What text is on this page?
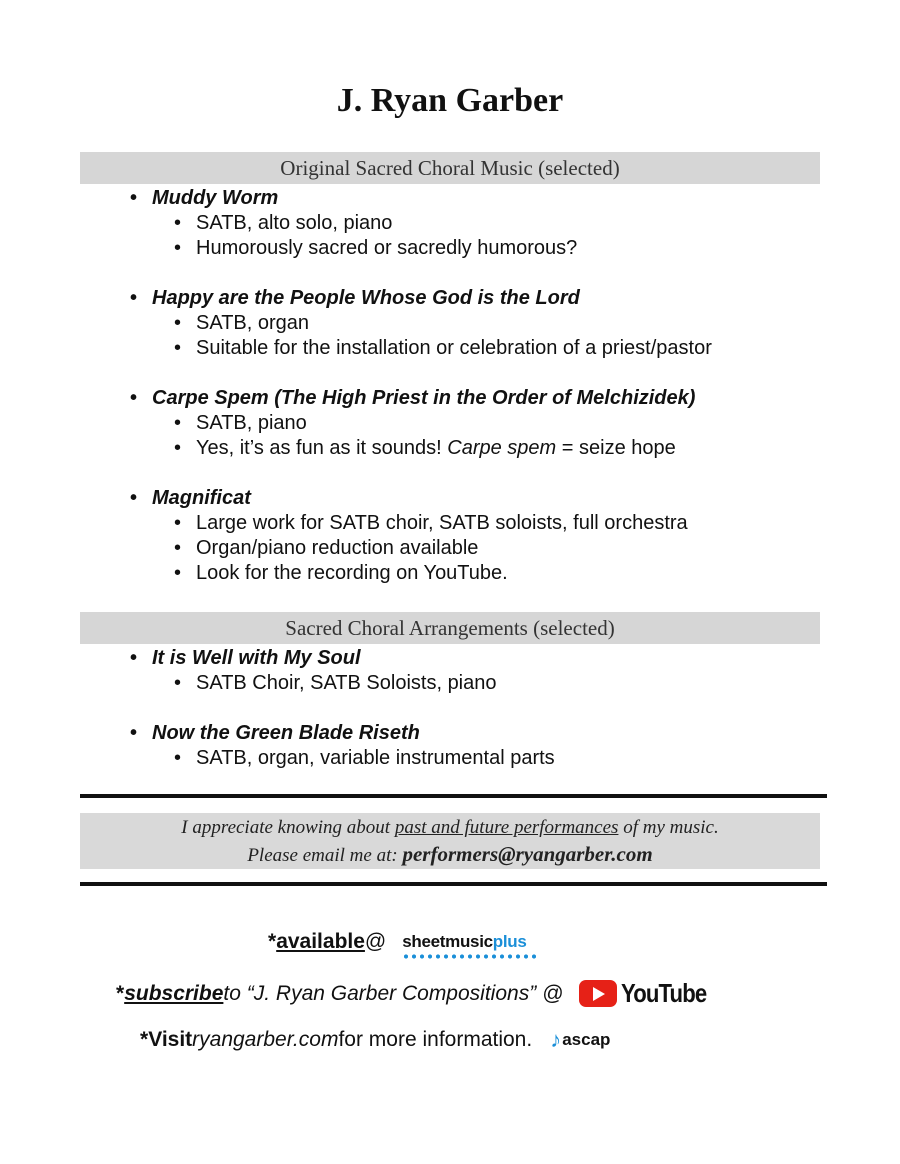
J. Ryan Garber
Original Sacred Choral Music (selected)
• Muddy Worm
• SATB, alto solo, piano
• Humorously sacred or sacredly humorous?
• Happy are the People Whose God is the Lord
• SATB, organ
• Suitable for the installation or celebration of a priest/pastor
• Carpe Spem (The High Priest in the Order of Melchizidek)
• SATB, piano
• Yes, it’s as fun as it sounds! Carpe spem = seize hope
• Magnificat
• Large work for SATB choir, SATB soloists, full orchestra
• Organ/piano reduction available
• Look for the recording on YouTube.
Sacred Choral Arrangements (selected)
• It is Well with My Soul
• SATB Choir, SATB Soloists, piano
• Now the Green Blade Riseth
• SATB, organ, variable instrumental parts
I appreciate knowing about past and future performances of my music.
Please email me at: performers@ryangarber.com
* available @ sheetmusicplus
* subscribe to “J. Ryan Garber Compositions” @ YouTube
* Visit ryangarber.com for more information. ♪ ascap
